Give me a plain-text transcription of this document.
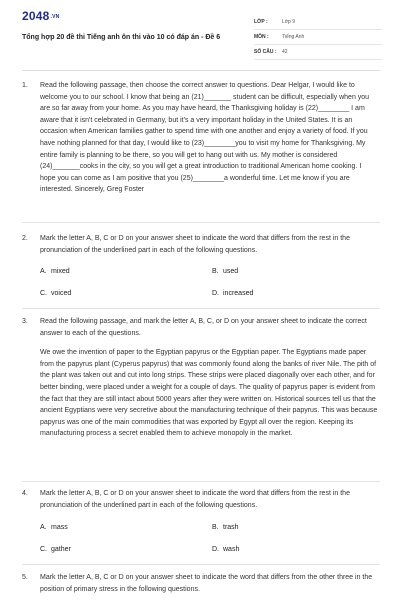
2048.VN
Tổng hợp 20 đề thi Tiếng anh ôn thi vào 10 có đáp án - Đề 6
LỚP :	Lớp 9
MÔN :	Tiếng Anh
SỐ CÂU :	42
1.	Read the following passage, then choose the correct answer to questions. Dear Helgar, I would like to welcome you to our school. I know that being an (21)_______ student can be difficult, especially when you are so far away from your home. As you may have heard, the Thanksgiving holiday is (22)________ I am aware that it isn't celebrated in Germany, but it's a very important holiday in the United States. It is an occasion when American families gather to spend time with one another and enjoy a variety of food. If you have nothing planned for that day, I would like to (23)________you to visit my home for Thanksgiving. My entire family is planning to be there, so you will get to hang out with us. My mother is considered (24)_______cooks in the city, so you will get a great introduction to traditional American home cooking. I hope you can come as I am positive that you (25)________a wonderful time. Let me know if you are interested. Sincerely, Greg Foster

2.	Mark the letter A, B, C or D on your answer sheet to indicate the word that differs from the rest in the pronunciation of the underlined part in each of the following questions.

A. mixed	B. used
C. voiced	D. increased
3.	Read the following passage, and mark the letter A, B, C, or D on your answer sheet to indicate the correct answer to each of the questions.

We owe the invention of paper to the Egyptian papyrus or the Egyptian paper. The Egyptians made paper from the papyrus plant (Cyperus papyrus) that was commonly found along the banks of river Nile. The pith of the plant was taken out and cut into long strips. These strips were placed diagonally over each other, and for better binding, were placed under a weight for a couple of days. The quality of papyrus paper is evident from the fact that they are still intact about 5000 years after they were written on. Historical sources tell us that the ancient Egyptians were very secretive about the manufacturing technique of their papyrus. This was because papyrus was one of the main commodities that was exported by Egypt all over the region. Keeping its manufacturing process a secret enabled them to achieve monopoly in the market.

4.	Mark the letter A, B, C or D on your answer sheet to indicate the word that differs from the rest in the pronunciation of the underlined part in each of the following questions.

A. mass	B. trash
C. gather	D. wash
5.	Mark the letter A, B, C or D on your answer sheet to indicate the word that differs from the other three in the position of primary stress in the following questions.
